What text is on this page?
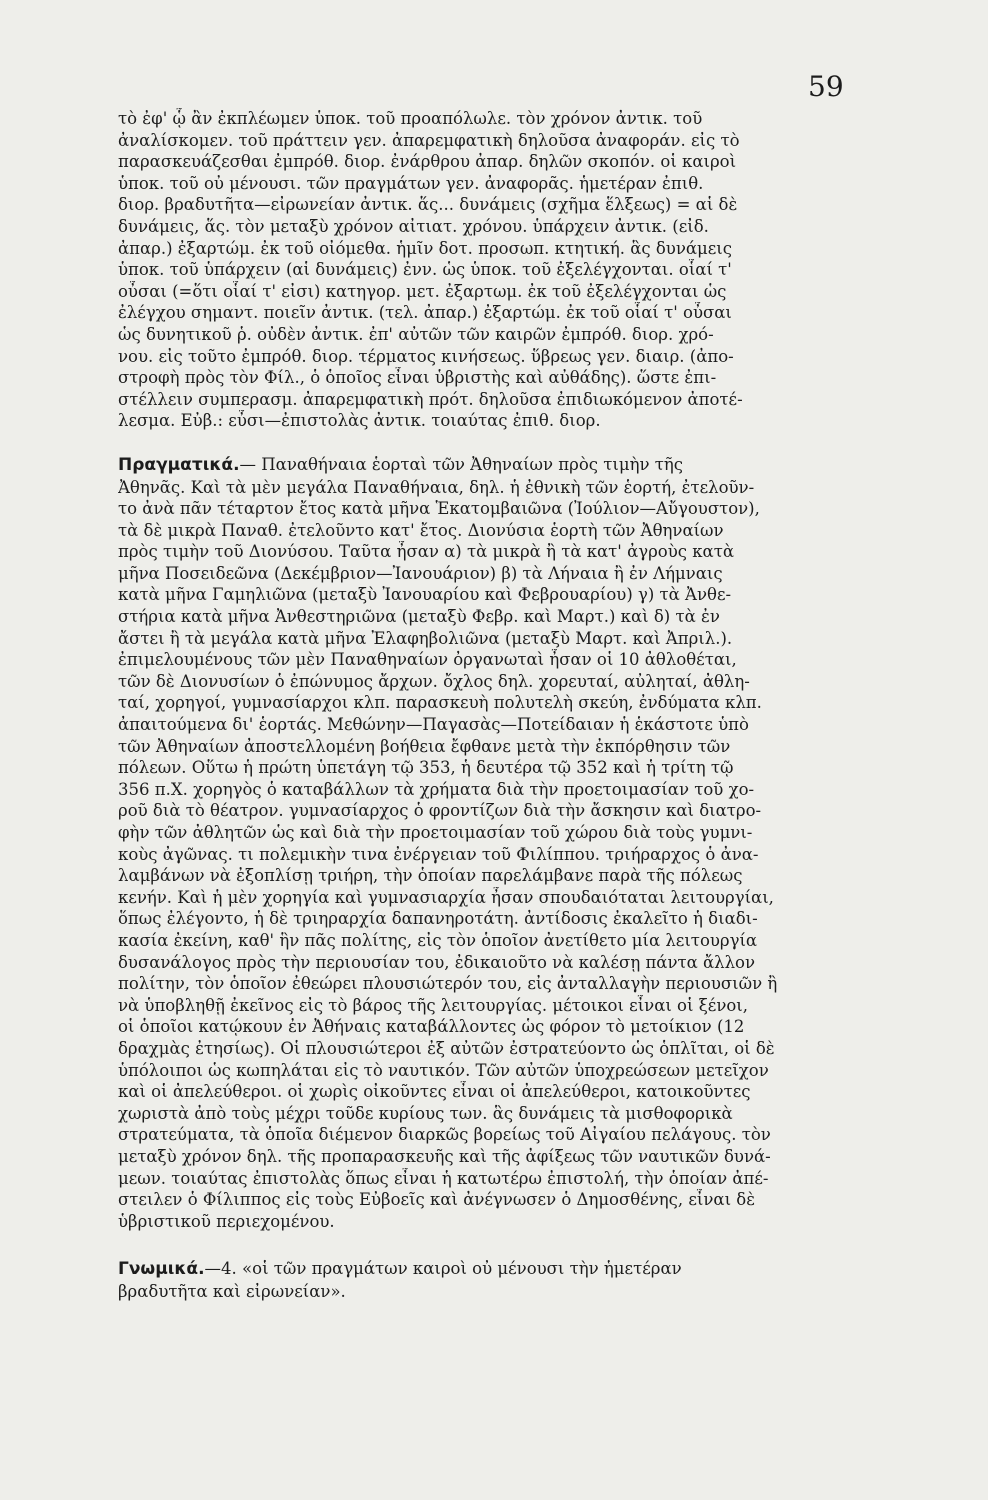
59
τὸ ἐφ' ᾧ ἂν ἐκπλέωμεν ὑποκ. τοῦ προαπόλωλε. τὸν χρόνον ἀντικ. τοῦ
ἀναλίσκομεν. τοῦ πράττειν γεν. ἀπαρεμφατικὴ δηλοῦσα ἀναφοράν. εἰς τὸ
παρασκευάζεσθαι ἐμπρόθ. διορ. ἐνάρθρου ἀπαρ. δηλῶν σκοπόν. οἱ καιροὶ
ὑποκ. τοῦ οὐ μένουσι. τῶν πραγμάτων γεν. ἀναφορᾶς. ἡμετέραν ἐπιθ.
διορ. βραδυτῆτα—εἰρωνείαν ἀντικ. ἅς... δυνάμεις (σχῆμα ἕλξεως) = αἱ δὲ
δυνάμεις, ἅς. τὸν μεταξὺ χρόνον αἰτιατ. χρόνου. ὑπάρχειν ἀντικ. (εἰδ.
ἀπαρ.) ἐξαρτώμ. ἐκ τοῦ οἰόμεθα. ἡμῖν δοτ. προσωπ. κτητική. ἃς δυνάμεις
ὑποκ. τοῦ ὑπάρχειν (αἱ δυνάμεις) ἐνν. ὡς ὑποκ. τοῦ ἐξελέγχονται. οἷαί τ'
οὖσαι (=ὅτι οἷαί τ' εἰσι) κατηγορ. μετ. ἐξαρτωμ. ἐκ τοῦ ἐξελέγχονται ὡς
ἐλέγχου σημαντ. ποιεῖν ἀντικ. (τελ. ἀπαρ.) ἐξαρτώμ. ἐκ τοῦ οἷαί τ' οὖσαι
ὡς δυνητικοῦ ῥ. οὐδὲν ἀντικ. ἐπ' αὐτῶν τῶν καιρῶν ἐμπρόθ. διορ. χρό-
νου. εἰς τοῦτο ἐμπρόθ. διορ. τέρματος κινήσεως. ὕβρεως γεν. διαιρ. (ἀπο-
στροφὴ πρὸς τὸν Φίλ., ὁ ὁποῖος εἶναι ὑβριστὴς καὶ αὐθάδης). ὥστε ἐπι-
στέλλειν συμπερασμ. ἀπαρεμφατικὴ πρότ. δηλοῦσα ἐπιδιωκόμενον ἀποτέ-
λεσμα. Εὐβ.: εὖσι—ἐπιστολὰς ἀντικ. τοιαύτας ἐπιθ. διορ.
Πραγματικά.— Παναθήναια ἑορταὶ τῶν Ἀθηναίων πρὸς τιμὴν τῆς
Ἀθηνᾶς. Καὶ τὰ μὲν μεγάλα Παναθήναια, δηλ. ἡ ἐθνικὴ τῶν ἑορτή, ἐτελοῦν-
το ἀνὰ πᾶν τέταρτον ἔτος κατὰ μῆνα Ἑκατομβαιῶνα (Ἰούλιον—Αὔγουστον),
τὰ δὲ μικρὰ Παναθ. ἐτελοῦντο κατ' ἔτος. Διονύσια ἑορτὴ τῶν Ἀθηναίων
πρὸς τιμὴν τοῦ Διονύσου. Ταῦτα ἦσαν α) τὰ μικρὰ ἢ τὰ κατ' ἀγροὺς κατὰ
μῆνα Ποσειδεῶνα (Δεκέμβριον—Ἰανουάριον) β) τὰ Λήναια ἢ ἐν Λήμναις
κατὰ μῆνα Γαμηλιῶνα (μεταξὺ Ἰανουαρίου καὶ Φεβρουαρίου) γ) τὰ Ἀνθε-
στήρια κατὰ μῆνα Ἀνθεστηριῶνα (μεταξὺ Φεβρ. καὶ Μαρτ.) καὶ δ) τὰ ἐν
ἄστει ἢ τὰ μεγάλα κατὰ μῆνα Ἐλαφηβολιῶνα (μεταξὺ Μαρτ. καὶ Ἀπριλ.).
ἐπιμελουμένους τῶν μὲν Παναθηναίων ὀργανωταὶ ἦσαν οἱ 10 ἀθλοθέται,
τῶν δὲ Διονυσίων ὁ ἐπώνυμος ἄρχων. ὄχλος δηλ. χορευταί, αὐληταί, ἀθλη-
ταί, χορηγοί, γυμνασίαρχοι κλπ. παρασκευὴ πολυτελὴ σκεύη, ἐνδύματα κλπ.
ἀπαιτούμενα δι' ἑορτάς. Μεθώνην—Παγασὰς—Ποτείδαιαν ἡ ἑκάστοτε ὑπὸ
τῶν Ἀθηναίων ἀποστελλομένη βοήθεια ἔφθανε μετὰ τὴν ἐκπόρθησιν τῶν
πόλεων. Οὕτω ἡ πρώτη ὑπετάγη τῷ 353, ἡ δευτέρα τῷ 352 καὶ ἡ τρίτη τῷ
356 π.Χ. χορηγὸς ὁ καταβάλλων τὰ χρήματα διὰ τὴν προετοιμασίαν τοῦ χο-
ροῦ διὰ τὸ θέατρον. γυμνασίαρχος ὁ φροντίζων διὰ τὴν ἄσκησιν καὶ διατρο-
φὴν τῶν ἀθλητῶν ὡς καὶ διὰ τὴν προετοιμασίαν τοῦ χώρου διὰ τοὺς γυμνι-
κοὺς ἀγῶνας. τι πολεμικὴν τινα ἐνέργειαν τοῦ Φιλίππου. τριήραρχος ὁ ἀνα-
λαμβάνων νὰ ἐξοπλίσῃ τριήρη, τὴν ὁποίαν παρελάμβανε παρὰ τῆς πόλεως
κενήν. Καὶ ἡ μὲν χορηγία καὶ γυμνασιαρχία ἦσαν σπουδαιόταται λειτουργίαι,
ὅπως ἐλέγοντο, ἡ δὲ τριηραρχία δαπανηροτάτη. ἀντίδοσις ἐκαλεῖτο ἡ διαδι-
κασία ἐκείνη, καθ' ἣν πᾶς πολίτης, εἰς τὸν ὁποῖον ἀνετίθετο μία λειτουργία
δυσανάλογος πρὸς τὴν περιουσίαν του, ἐδικαιοῦτο νὰ καλέσῃ πάντα ἄλλον
πολίτην, τὸν ὁποῖον ἐθεώρει πλουσιώτερόν του, εἰς ἀνταλλαγὴν περιουσιῶν ἢ
νὰ ὑποβληθῇ ἐκεῖνος εἰς τὸ βάρος τῆς λειτουργίας. μέτοικοι εἶναι οἱ ξένοι,
οἱ ὁποῖοι κατῴκουν ἐν Ἀθήναις καταβάλλοντες ὡς φόρον τὸ μετοίκιον (12
δραχμὰς ἐτησίως). Οἱ πλουσιώτεροι ἐξ αὐτῶν ἐστρατεύοντο ὡς ὁπλῖται, οἱ δὲ
ὑπόλοιποι ὡς κωπηλάται εἰς τὸ ναυτικόν. Τῶν αὐτῶν ὑποχρεώσεων μετεῖχον
καὶ οἱ ἀπελεύθεροι. οἱ χωρὶς οἰκοῦντες εἶναι οἱ ἀπελεύθεροι, κατοικοῦντες
χωριστὰ ἀπὸ τοὺς μέχρι τοῦδε κυρίους των. ἃς δυνάμεις τὰ μισθοφορικὰ
στρατεύματα, τὰ ὁποῖα διέμενον διαρκῶς βορείως τοῦ Αἰγαίου πελάγους. τὸν
μεταξὺ χρόνον δηλ. τῆς προπαρασκευῆς καὶ τῆς ἀφίξεως τῶν ναυτικῶν δυνά-
μεων. τοιαύτας ἐπιστολὰς ὅπως εἶναι ἡ κατωτέρω ἐπιστολή, τὴν ὁποίαν ἀπέ-
στειλεν ὁ Φίλιππος εἰς τοὺς Εὐβοεῖς καὶ ἀνέγνωσεν ὁ Δημοσθένης, εἶναι δὲ
ὑβριστικοῦ περιεχομένου.
Γνωμικά.—4. «οἱ τῶν πραγμάτων καιροὶ οὐ μένουσι τὴν ἡμετέραν
βραδυτῆτα καὶ εἰρωνείαν».
